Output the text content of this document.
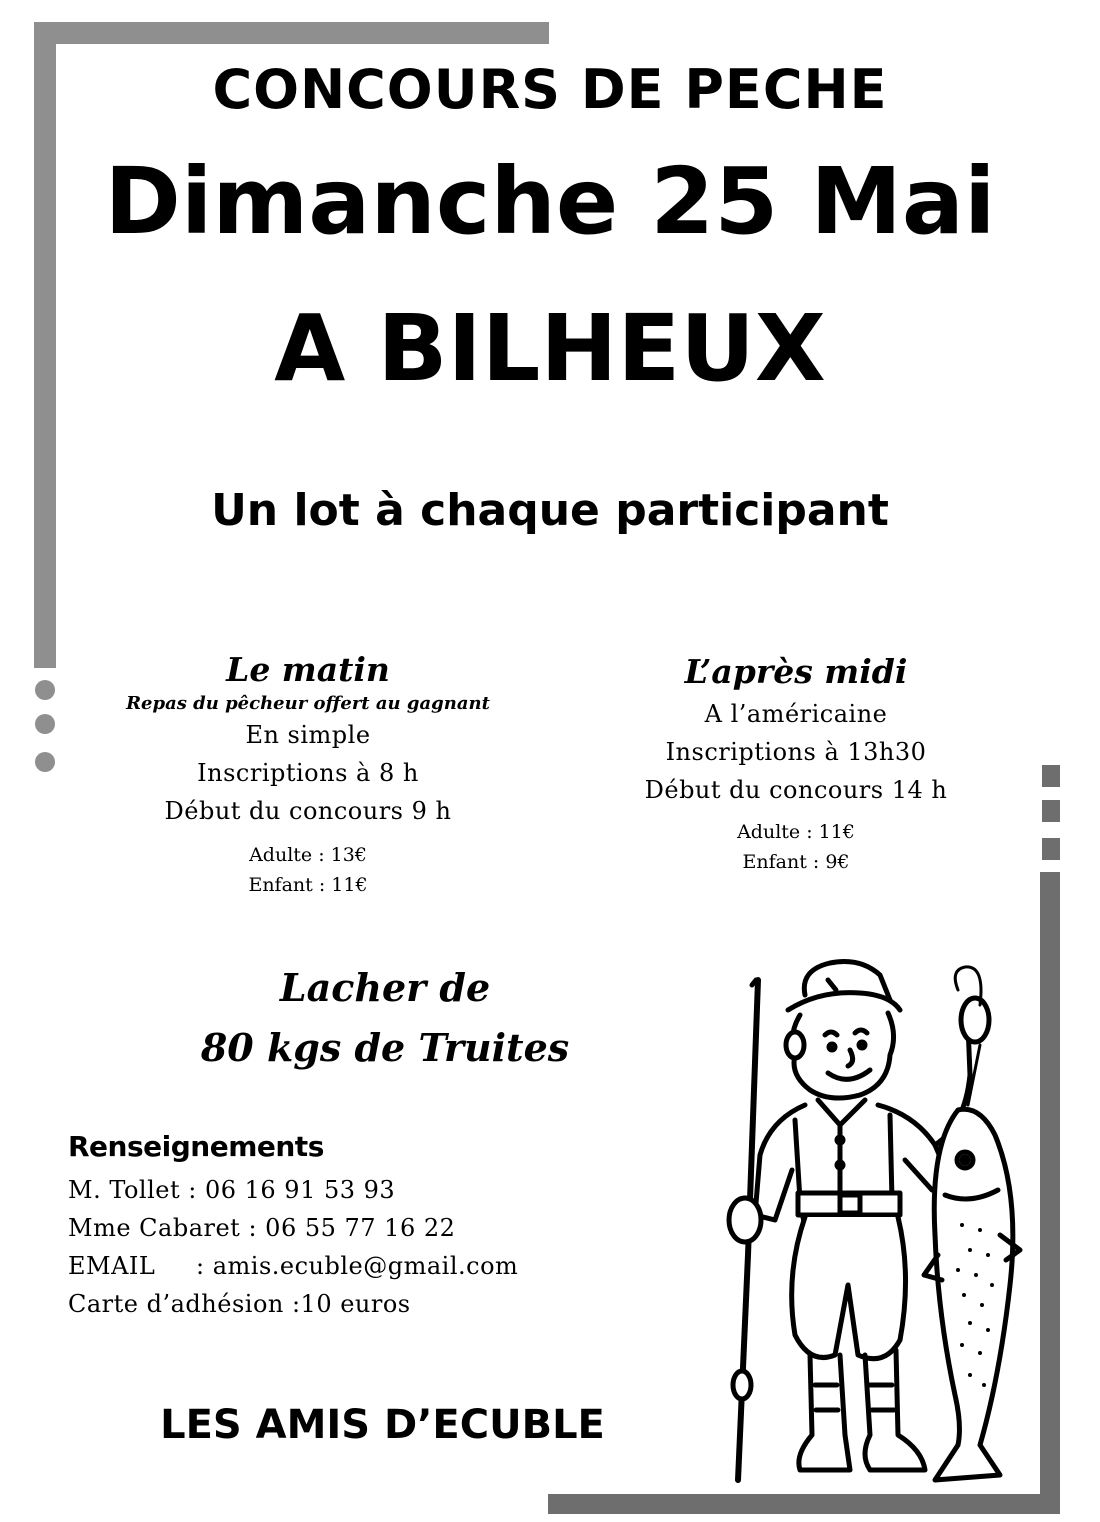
CONCOURS DE PECHE
Dimanche 25 Mai
A BILHEUX
Un lot à chaque participant
Le matin
Repas du pêcheur offert au gagnant
En simple
Inscriptions à 8 h
Début du concours 9 h
Adulte : 13€
Enfant : 11€
L’après midi
A l’américaine
Inscriptions à 13h30
Début du concours 14 h
Adulte : 11€
Enfant : 9€
Lacher de
80 kgs de Truites
Renseignements
M. Tollet : 06 16 91 53 93
Mme Cabaret : 06 55 77 16 22
EMAIL     : amis.ecuble@gmail.com
Carte d’adhésion :10 euros
LES AMIS D’ECUBLE
